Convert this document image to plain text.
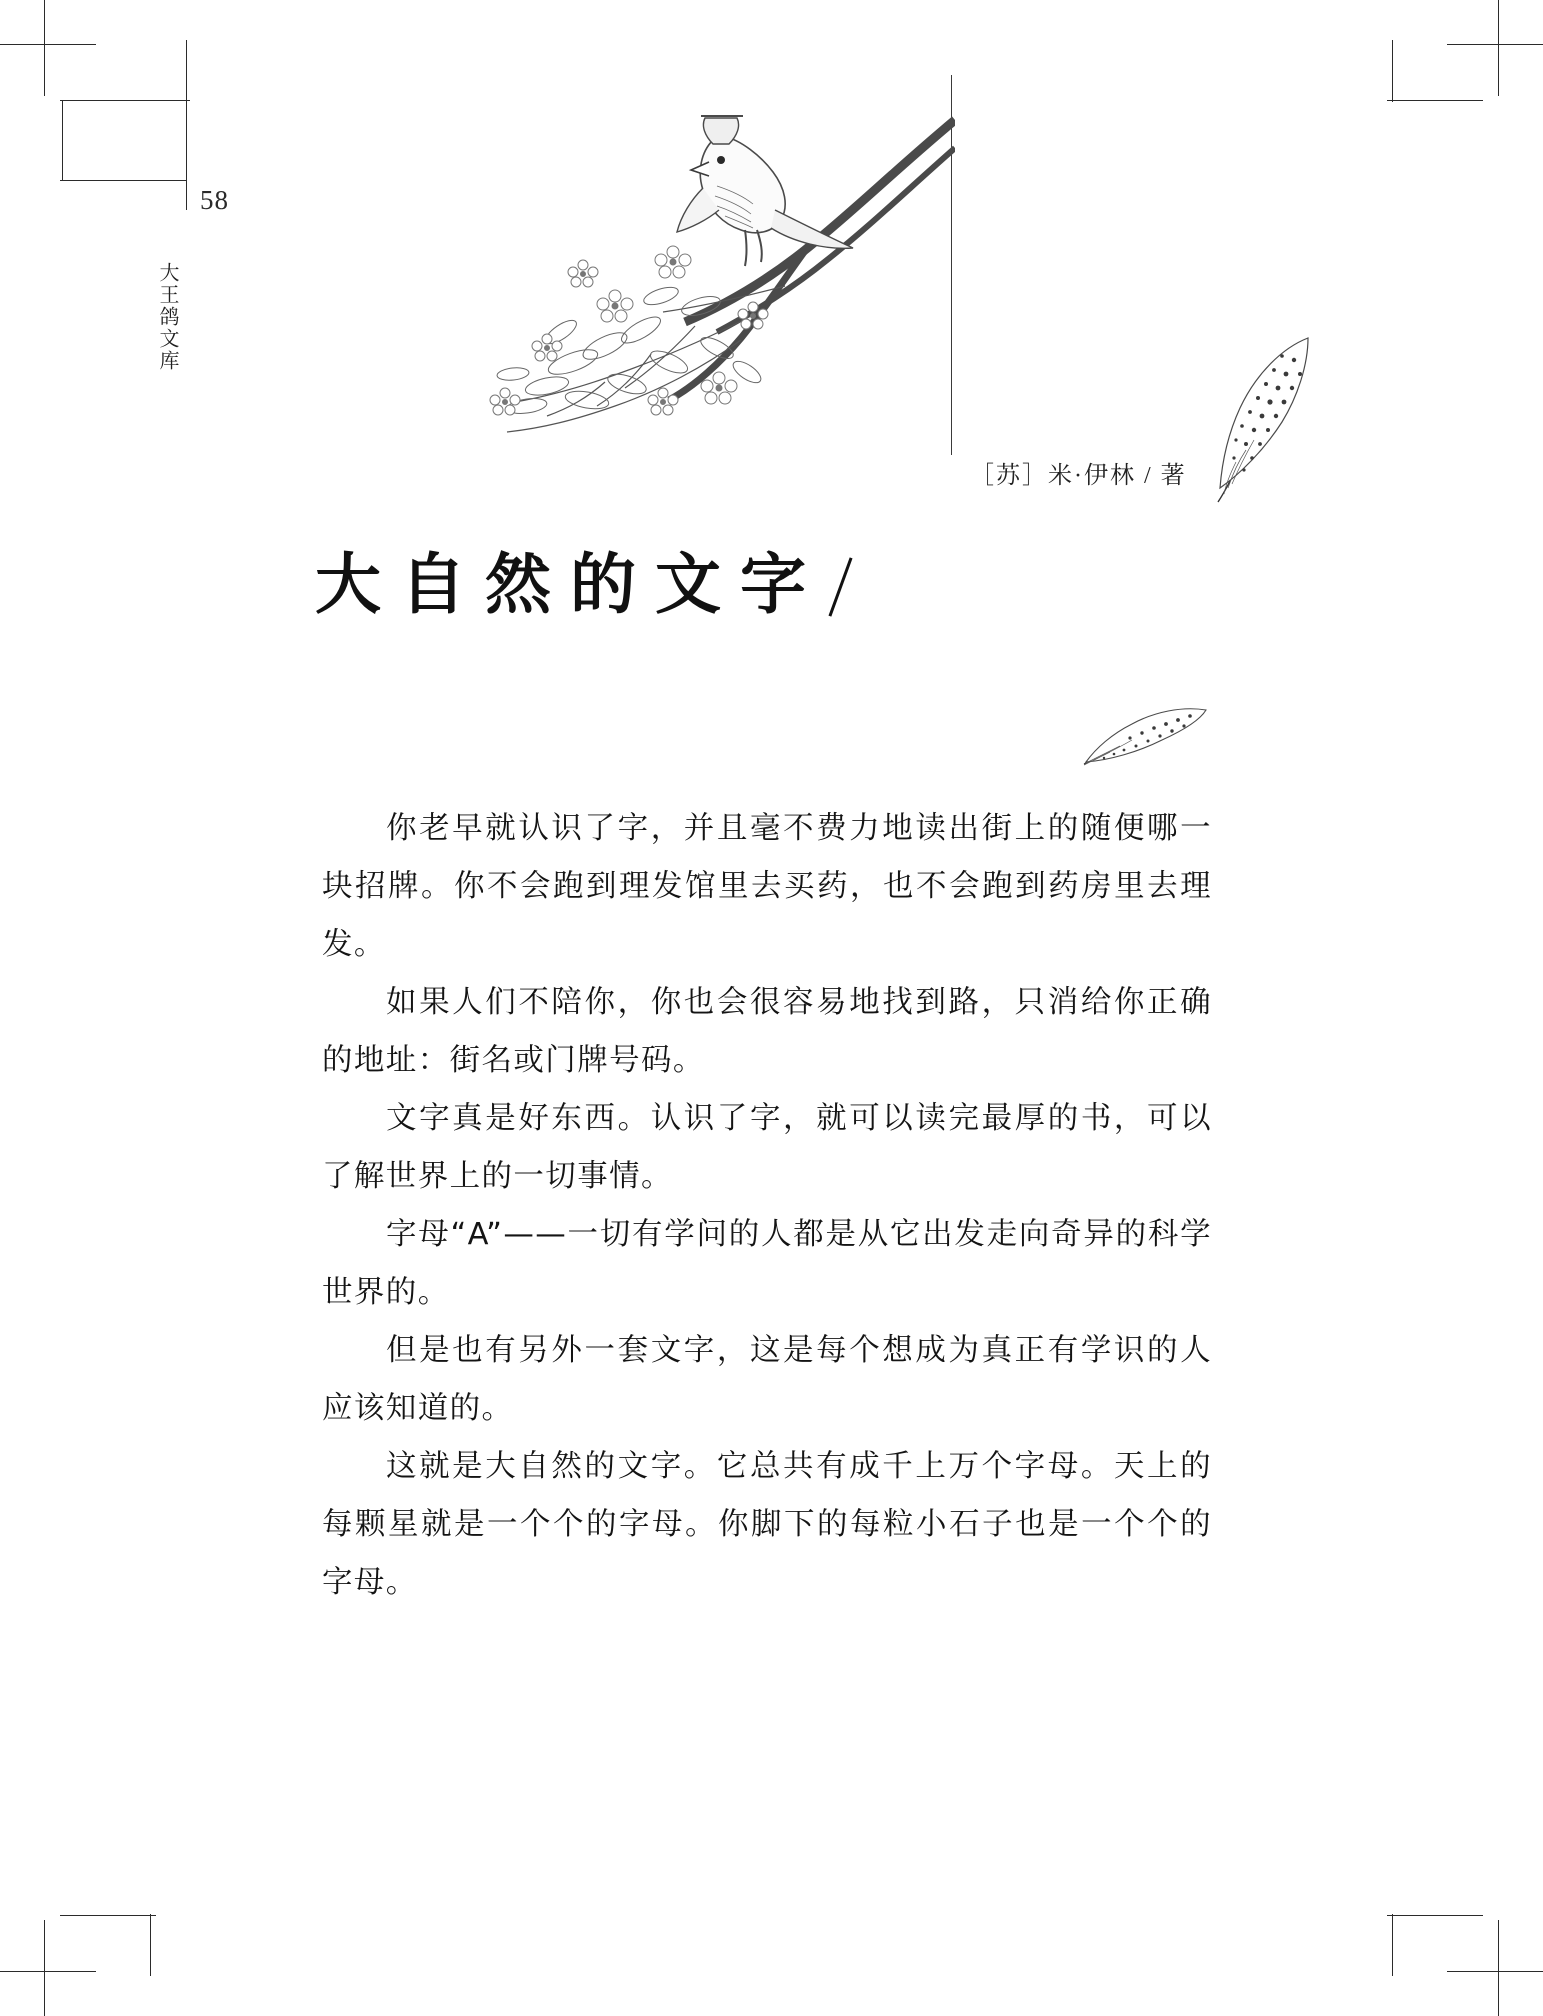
58
大王鸽文库
［苏］米·伊林 / 著
大自然的文字

你老早就认识了字，并且毫不费力地读出街上的随便哪一块招牌。你不会跑到理发馆里去买药，也不会跑到药房里去理发。

如果人们不陪你，你也会很容易地找到路，只消给你正确的地址：街名或门牌号码。

文字真是好东西。认识了字，就可以读完最厚的书，可以了解世界上的一切事情。

字母“A”——一切有学问的人都是从它出发走向奇异的科学世界的。

但是也有另外一套文字，这是每个想成为真正有学识的人应该知道的。

这就是大自然的文字。它总共有成千上万个字母。天上的每颗星就是一个个的字母。你脚下的每粒小石子也是一个个的字母。
